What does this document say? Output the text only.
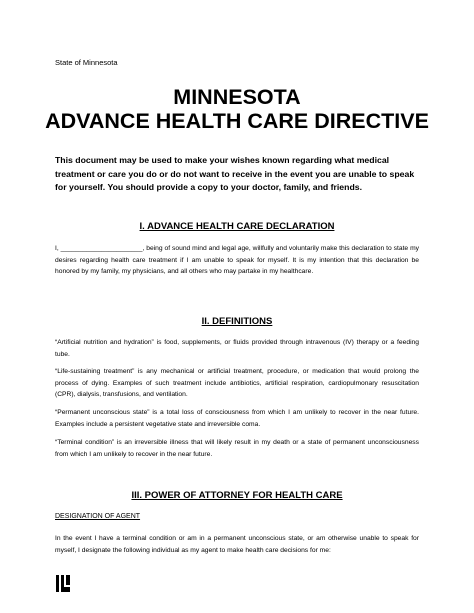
State of Minnesota
MINNESOTA
ADVANCE HEALTH CARE DIRECTIVE
This document may be used to make your wishes known regarding what medical treatment or care you do or do not want to receive in the event you are unable to speak for yourself. You should provide a copy to your doctor, family, and friends.
I. ADVANCE HEALTH CARE DECLARATION
I, ______________________, being of sound mind and legal age, willfully and voluntarily make this declaration to state my desires regarding health care treatment if I am unable to speak for myself. It is my intention that this declaration be honored by my family, my physicians, and all others who may partake in my healthcare.
II. DEFINITIONS
“Artificial nutrition and hydration” is food, supplements, or fluids provided through intravenous (IV) therapy or a feeding tube.
“Life-sustaining treatment” is any mechanical or artificial treatment, procedure, or medication that would prolong the process of dying. Examples of such treatment include antibiotics, artificial respiration, cardiopulmonary resuscitation (CPR), dialysis, transfusions, and ventilation.
“Permanent unconscious state” is a total loss of consciousness from which I am unlikely to recover in the near future. Examples include a persistent vegetative state and irreversible coma.
“Terminal condition” is an irreversible illness that will likely result in my death or a state of permanent unconsciousness from which I am unlikely to recover in the near future.
III. POWER OF ATTORNEY FOR HEALTH CARE
DESIGNATION OF AGENT
In the event I have a terminal condition or am in a permanent unconscious state, or am otherwise unable to speak for myself, I designate the following individual as my agent to make health care decisions for me:
